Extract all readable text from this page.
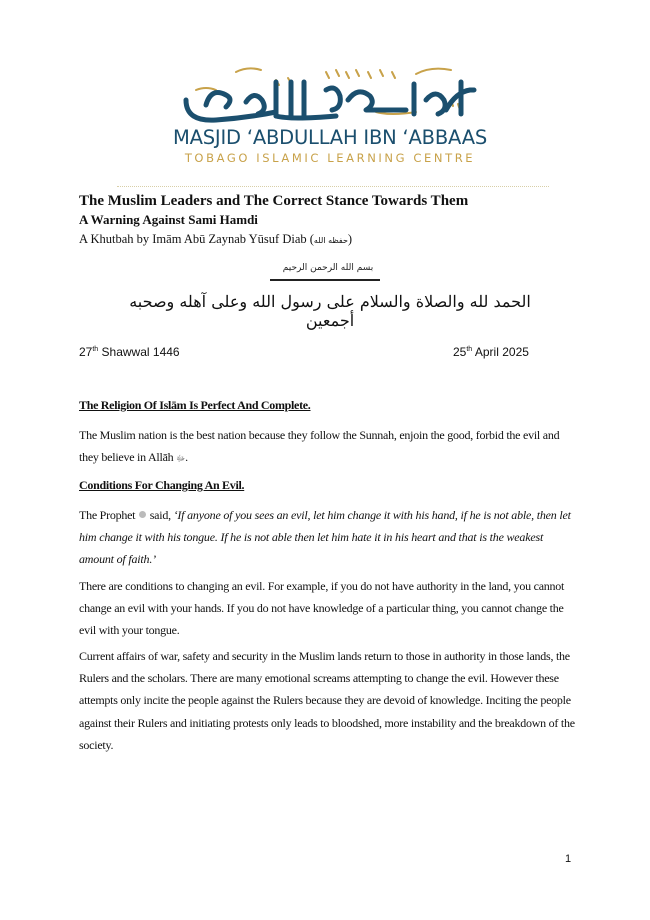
MASJID ‘ABDULLAH IBN ‘ABBAAS
TOBAGO ISLAMIC LEARNING CENTRE
The Muslim Leaders and The Correct Stance Towards Them
A Warning Against Sami Hamdi
A Khutbah by Imām Abū Zaynab Yūsuf Diab (حفظه الله)
بسم الله الرحمن الرحيم
الحمد لله والصلاة والسلام على رسول الله وعلى آهله وصحبه أجمعين
27th Shawwal 1446	25th April 2025
The Religion Of Islām Is Perfect And Complete.
The Muslim nation is the best nation because they follow the Sunnah, enjoin the good, forbid the evil and they believe in Allāh ﷻ.
Conditions For Changing An Evil.
The Prophet  said, ‘If anyone of you sees an evil, let him change it with his hand, if he is not able, then let him change it with his tongue. If he is not able then let him hate it in his heart and that is the weakest amount of faith.’
There are conditions to changing an evil. For example, if you do not have authority in the land, you cannot change an evil with your hands. If you do not have knowledge of a particular thing, you cannot change the evil with your tongue.
Current affairs of war, safety and security in the Muslim lands return to those in authority in those lands, the Rulers and the scholars. There are many emotional screams attempting to change the evil. However these attempts only incite the people against the Rulers because they are devoid of knowledge. Inciting the people against their Rulers and initiating protests only leads to bloodshed, more instability and the breakdown of the society.
1
